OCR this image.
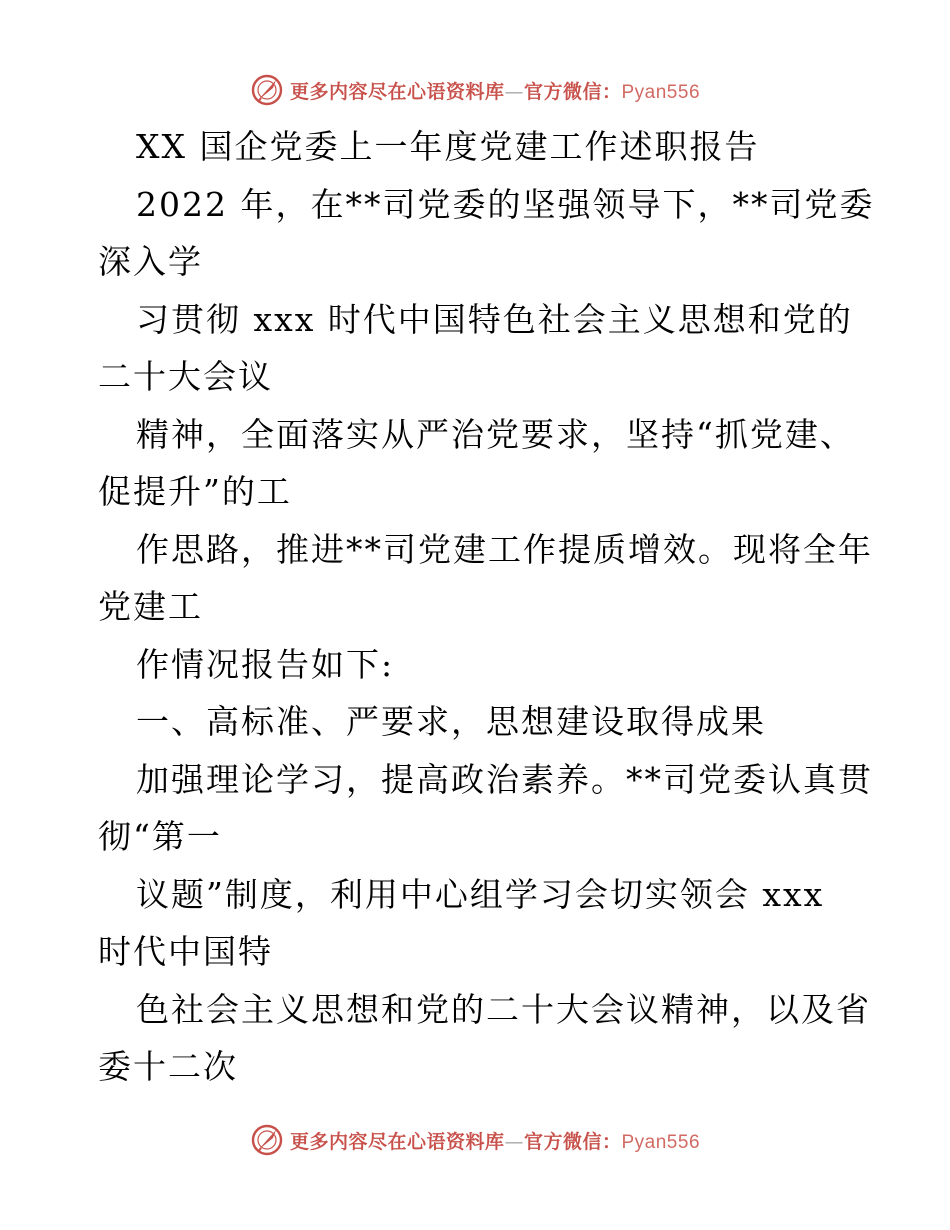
更多内容尽在心语资料库—官方微信：Pyan556
XX 国企党委上一年度党建工作述职报告
2022 年，在**司党委的坚强领导下，**司党委
深入学
习贯彻 xxx 时代中国特色社会主义思想和党的
二十大会议
精神，全面落实从严治党要求，坚持“抓党建、
促提升”的工
作思路，推进**司党建工作提质增效。现将全年
党建工
作情况报告如下:
一、高标准、严要求，思想建设取得成果
加强理论学习，提高政治素养。**司党委认真贯
彻“第一
议题”制度，利用中心组学习会切实领会 xxx
时代中国特
色社会主义思想和党的二十大会议精神，以及省
委十二次
更多内容尽在心语资料库—官方微信：Pyan556
